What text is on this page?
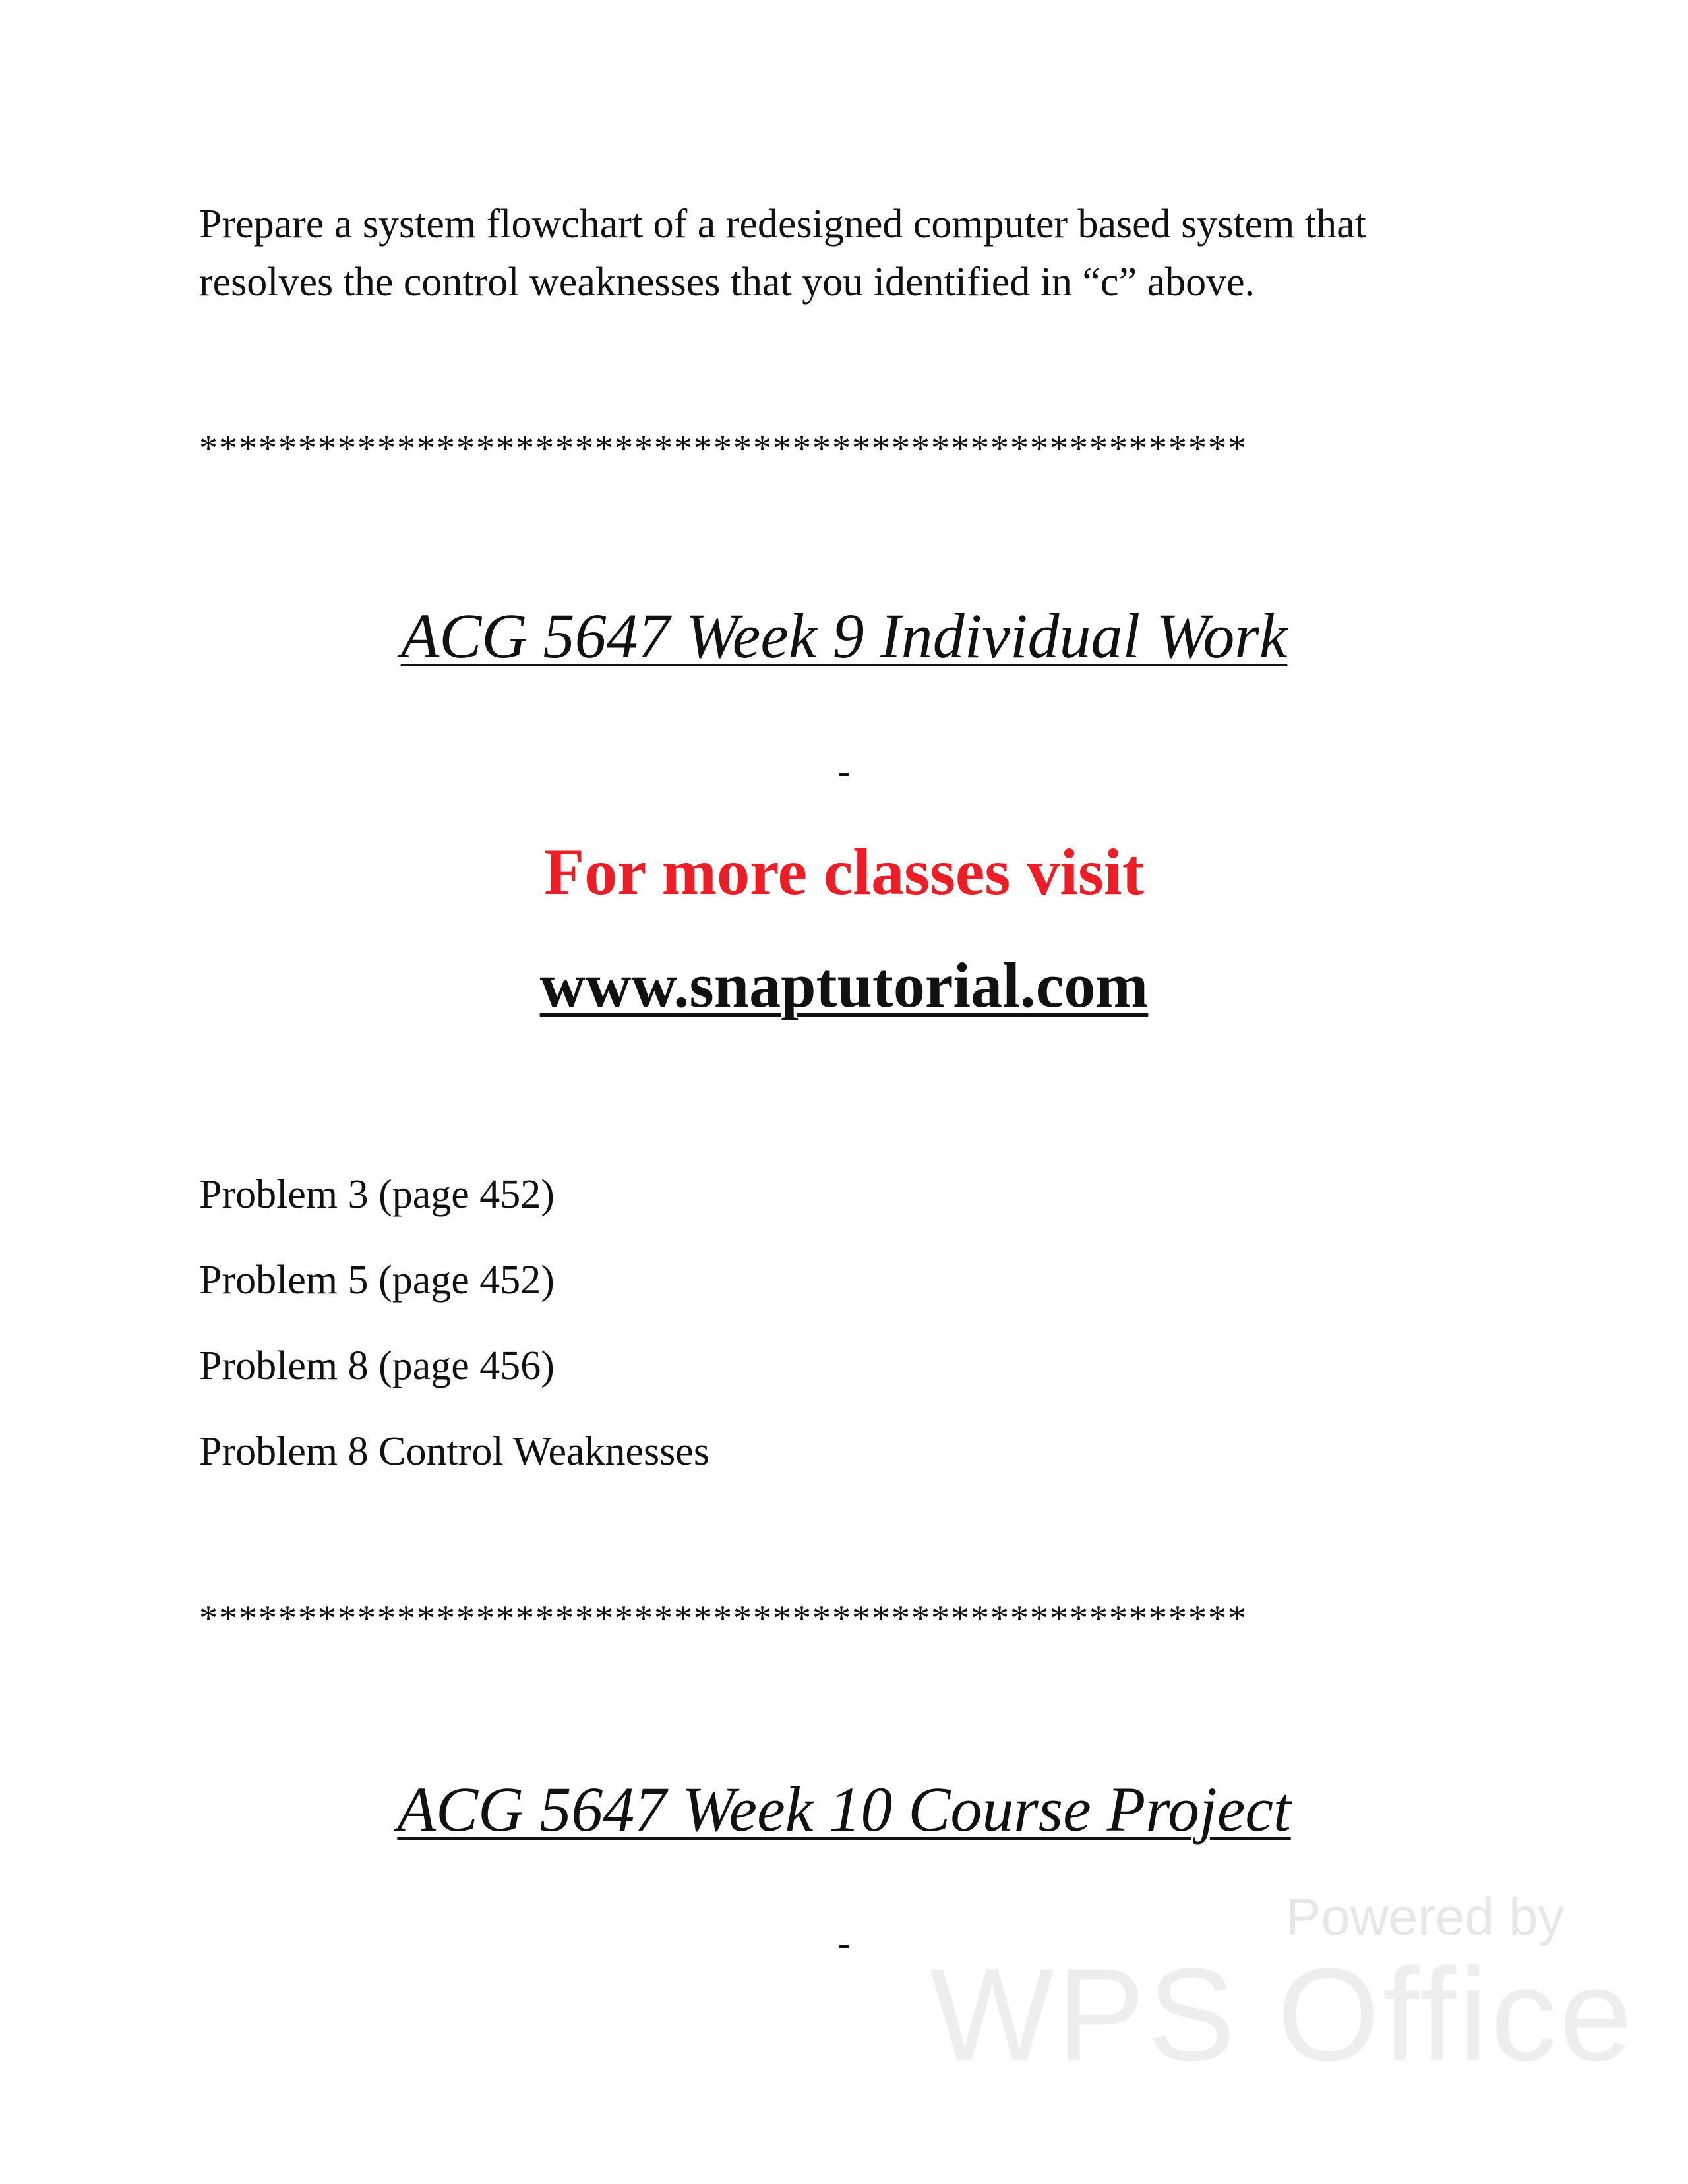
Prepare a system flowchart of a redesigned computer based system that
resolves the control weaknesses that you identified in “c” above.
*****************************************************
ACG 5647 Week 9 Individual Work
-
For more classes visit
www.snaptutorial.com
Problem 3 (page 452)
Problem 5 (page 452)
Problem 8 (page 456)
Problem 8 Control Weaknesses
*****************************************************
ACG 5647 Week 10 Course Project
-	Powered by
WPS Office
